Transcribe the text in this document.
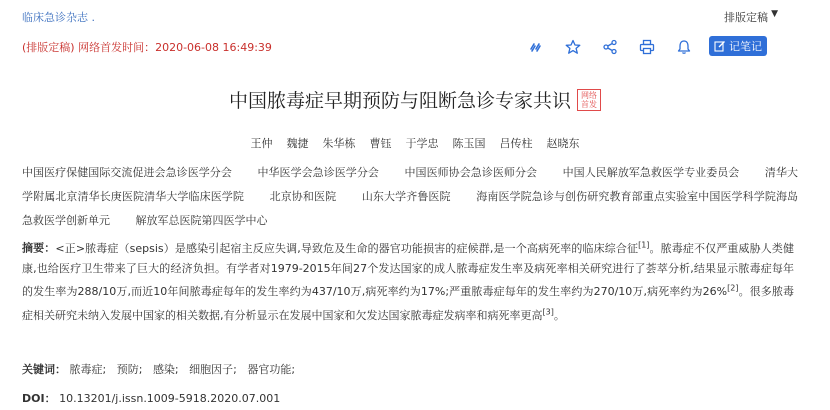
临床急诊杂志 .	排版定稿 ▼
(排版定稿) 网络首发时间：2020-06-08 16:49:39	记笔记
中国脓毒症早期预防与阻断急诊专家共识	网络首发
王仲 魏捷 朱华栋 曹钰 于学忠 陈玉国 吕传柱 赵晓东
中国医疗保健国际交流促进会急诊医学分会 中华医学会急诊医学分会 中国医师协会急诊医师分会 中国人民解放军急救医学专业委员会 清华大学附属北京清华长庚医院清华大学临床医学院 北京协和医院 山东大学齐鲁医院 海南医学院急诊与创伤研究教育部重点实验室中国医学科学院海岛急救医学创新单元 解放军总医院第四医学中心
摘要：<正>脓毒症（sepsis）是感染引起宿主反应失调,导致危及生命的器官功能损害的症候群,是一个高病死率的临床综合征[1]。脓毒症不仅严重威胁人类健康,也给医疗卫生带来了巨大的经济负担。有学者对1979-2015年间27个发达国家的成人脓毒症发生率及病死率相关研究进行了荟萃分析,结果显示脓毒症每年的发生率为288/10万,而近10年间脓毒症每年的发生率约为437/10万,病死率约为17%;严重脓毒症每年的发生率约为270/10万,病死率约为26%[2]。很多脓毒症相关研究未纳入发展中国家的相关数据,有分析显示在发展中国家和欠发达国家脓毒症发病率和病死率更高[3]。
关键词： 脓毒症; 预防; 感染; 细胞因子; 器官功能;
DOI： 10.13201/j.issn.1009-5918.2020.07.001
